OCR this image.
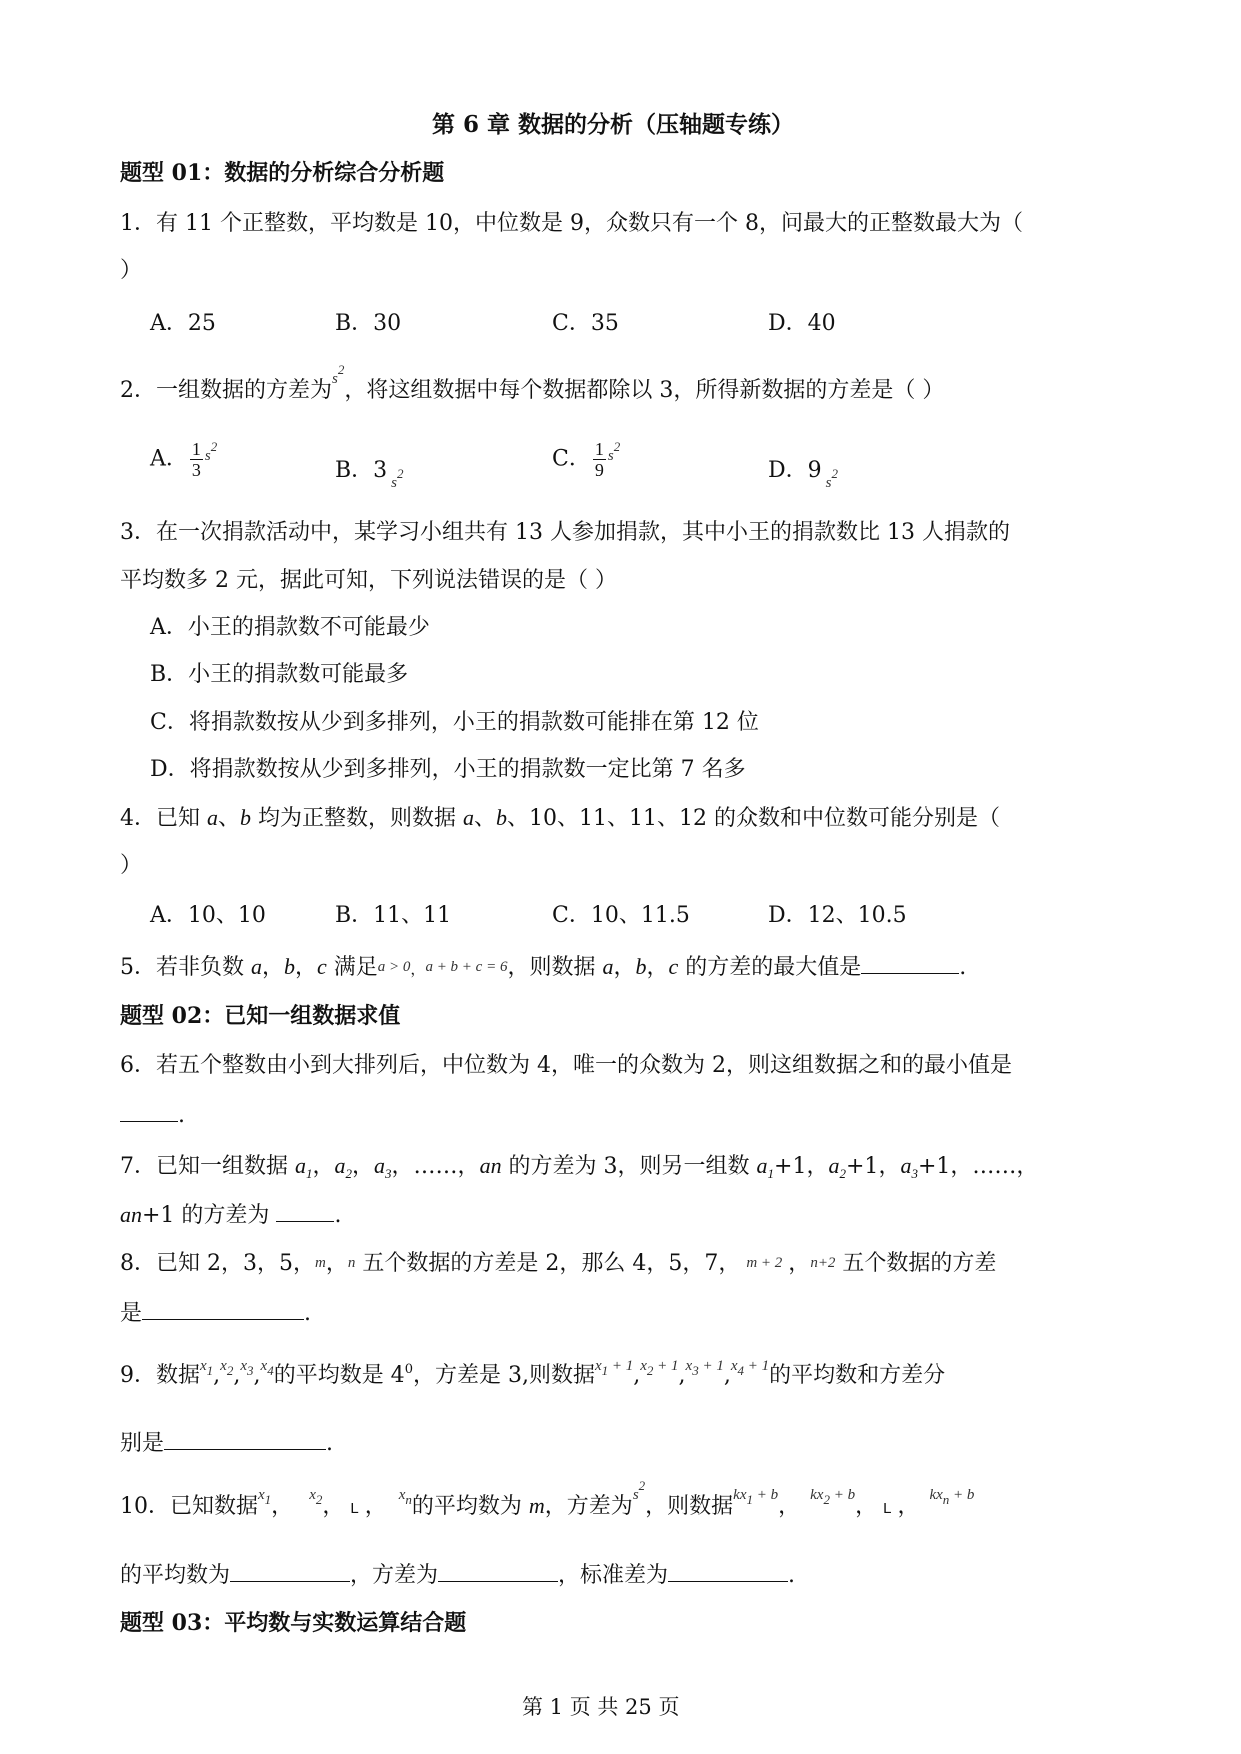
第 6 章 数据的分析（压轴题专练）
题型 01：数据的分析综合分析题
1．有 11 个正整数，平均数是 10，中位数是 9，众数只有一个 8，问最大的正整数最大为（
）
A．25	B．30	C．35	D．40
2．一组数据的方差为$^{s2}$，将这组数据中每个数据都除以 3，所得新数据的方差是（ ）
A． $\frac{1}{3} ^{s2}$
B．3 $_{s2}$
C． $\frac{1}{9} ^{s2}$
D．9 $_{s2}$
3．在一次捐款活动中，某学习小组共有 13 人参加捐款，其中小王的捐款数比 13 人捐款的
平均数多 2 元，据此可知，下列说法错误的是（ ）
A．小王的捐款数不可能最少
B．小王的捐款数可能最多
C．将捐款数按从少到多排列，小王的捐款数可能排在第 12 位
D．将捐款数按从少到多排列，小王的捐款数一定比第 7 名多
4．已知 a、b 均为正整数，则数据 a、b、10、11、11、12 的众数和中位数可能分别是（
）
A．10、10	B．11、11	C．10、11.5	D．12、10.5
5．若非负数 a，b，c 满足a > 0，a + b + c = 6，则数据 a，b，c 的方差的最大值是	.
题型 02：已知一组数据求值
6．若五个整数由小到大排列后，中位数为 4，唯一的众数为 2，则这组数据之和的最小值是
.
7．已知一组数据 $a_1$，$a_2$，$a_3$，……，an 的方差为 3，则另一组数 $a_1+1$，$a_2+1$，$a_3+1$，……，
an+1 的方差为	.
8．已知 2，3，5，m，n 五个数据的方差是 2，那么 4，5，7， m + 2 ，n+2 五个数据的方差
是	.
9．数据$^{x1}$,$^{x2}$,$^{x3}$,$^{x4}$的平均数是 $4^0$，方差是 3,则数据$^{x1 + 1}$,$^{x2 + 1}$,$^{x3 + 1}$,$^{x4 + 1}$的平均数和方差分
别是	.
10．已知数据$^{x1}$， $^{x2}$， L ， $^{xn}$的平均数为 m，方差为$^{s2}$，则数据$^{kx1 + b}$， $^{kx2 + b}$， L ， $^{kxn + b}$
的平均数为	，方差为	，标准差为	.
题型 03：平均数与实数运算结合题
第 1 页 共 25 页
